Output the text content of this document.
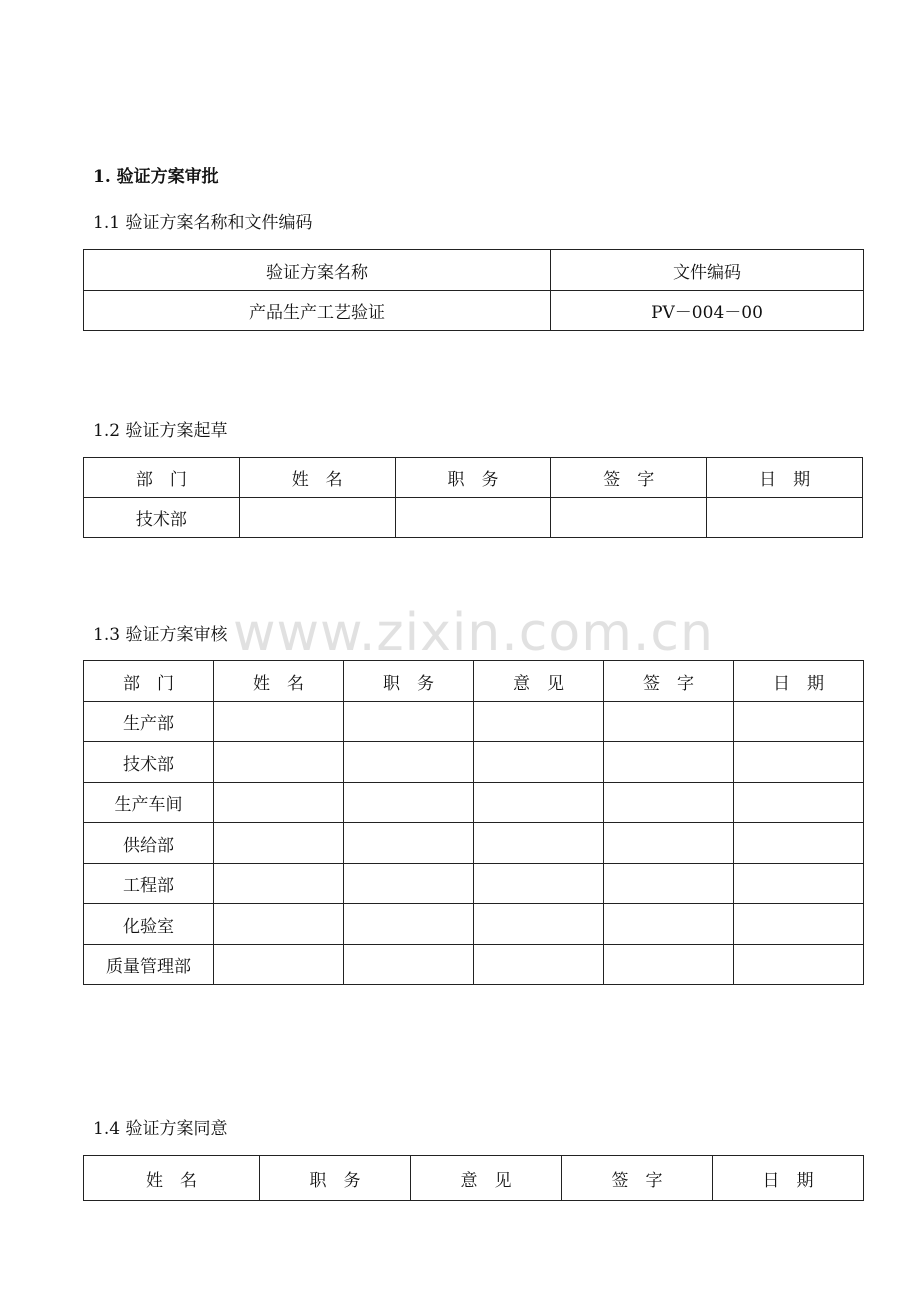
1. 验证方案审批
1.1 验证方案名称和文件编码
验证方案名称	文件编码
产品生产工艺验证	PV－004－00
1.2 验证方案起草
部　门	姓　名	职　务	签　字	日　期
技术部				
1.3 验证方案审核 www.zixin.com.cn
部　门	姓　名	职　务	意　见	签　字	日　期
生产部					
技术部					
生产车间					
供给部					
工程部					
化验室					
质量管理部					
1.4 验证方案同意
姓　名	职　务	意　见	签　字	日　期
